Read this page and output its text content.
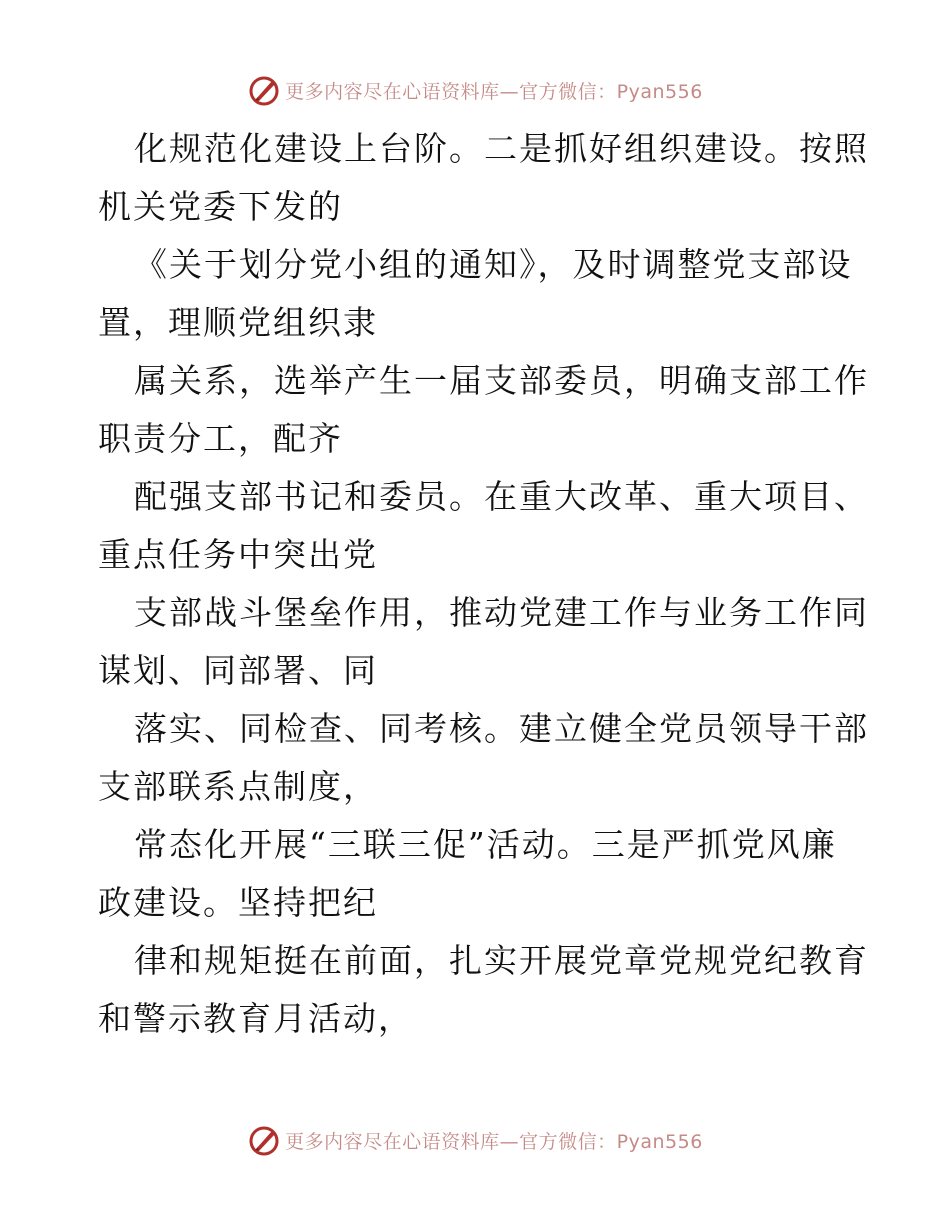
更多内容尽在心语资料库—官方微信：Pyan556

化规范化建设上台阶。二是抓好组织建设。按照
机关党委下发的

《关于划分党小组的通知》，及时调整党支部设
置，理顺党组织隶

属关系，选举产生一届支部委员，明确支部工作
职责分工，配齐

配强支部书记和委员。在重大改革、重大项目、
重点任务中突出党

支部战斗堡垒作用，推动党建工作与业务工作同
谋划、同部署、同

落实、同检查、同考核。建立健全党员领导干部
支部联系点制度，

常态化开展“三联三促”活动。三是严抓党风廉
政建设。坚持把纪

律和规矩挺在前面，扎实开展党章党规党纪教育
和警示教育月活动，

更多内容尽在心语资料库—官方微信：Pyan556
